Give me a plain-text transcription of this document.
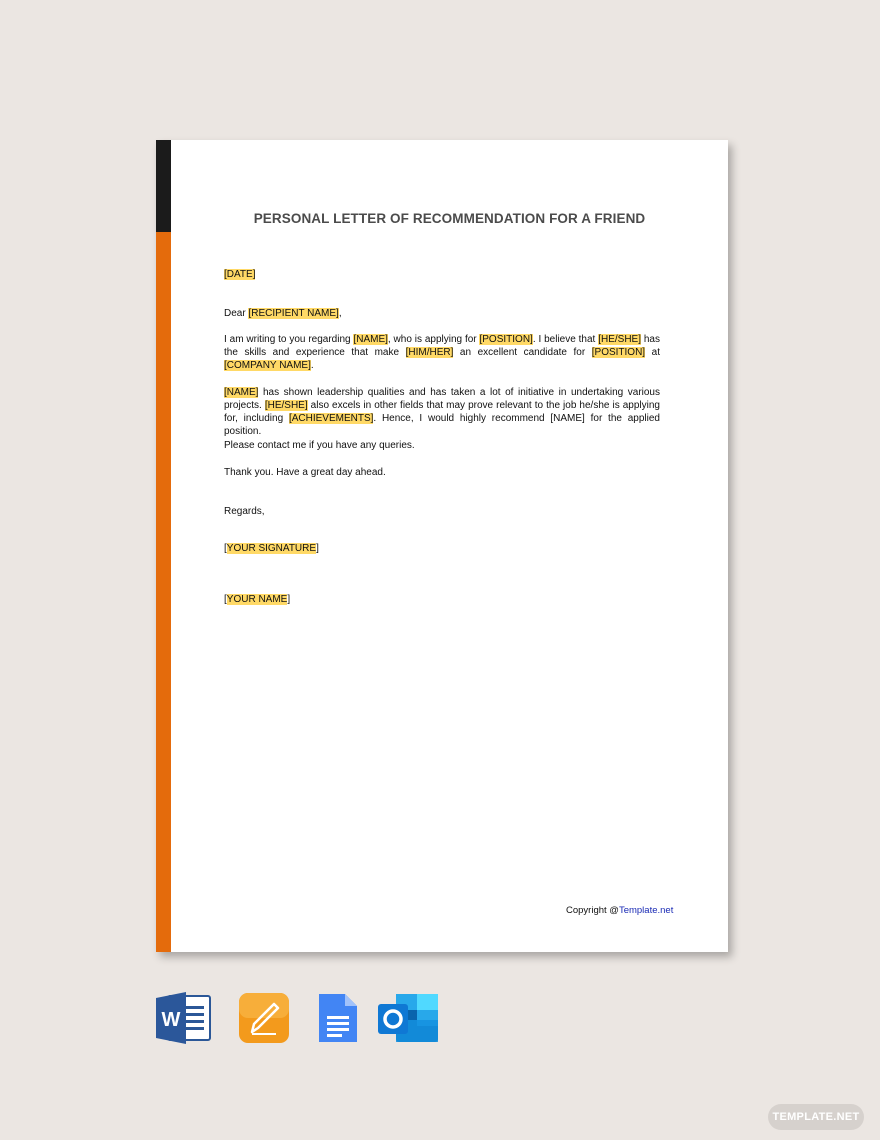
PERSONAL LETTER OF RECOMMENDATION FOR A FRIEND
[DATE]
Dear [RECIPIENT NAME],
I am writing to you regarding [NAME], who is applying for [POSITION]. I believe that [HE/SHE] has the skills and experience that make [HIM/HER] an excellent candidate for [POSITION] at [COMPANY NAME].
[NAME] has shown leadership qualities and has taken a lot of initiative in undertaking various projects. [HE/SHE] also excels in other fields that may prove relevant to the job he/she is applying for, including [ACHIEVEMENTS]. Hence, I would highly recommend [NAME] for the applied position.
Please contact me if you have any queries.
Thank you. Have a great day ahead.
Regards,
[YOUR SIGNATURE]
[YOUR NAME]
Copyright @Template.net
W
TEMPLATE.NET
